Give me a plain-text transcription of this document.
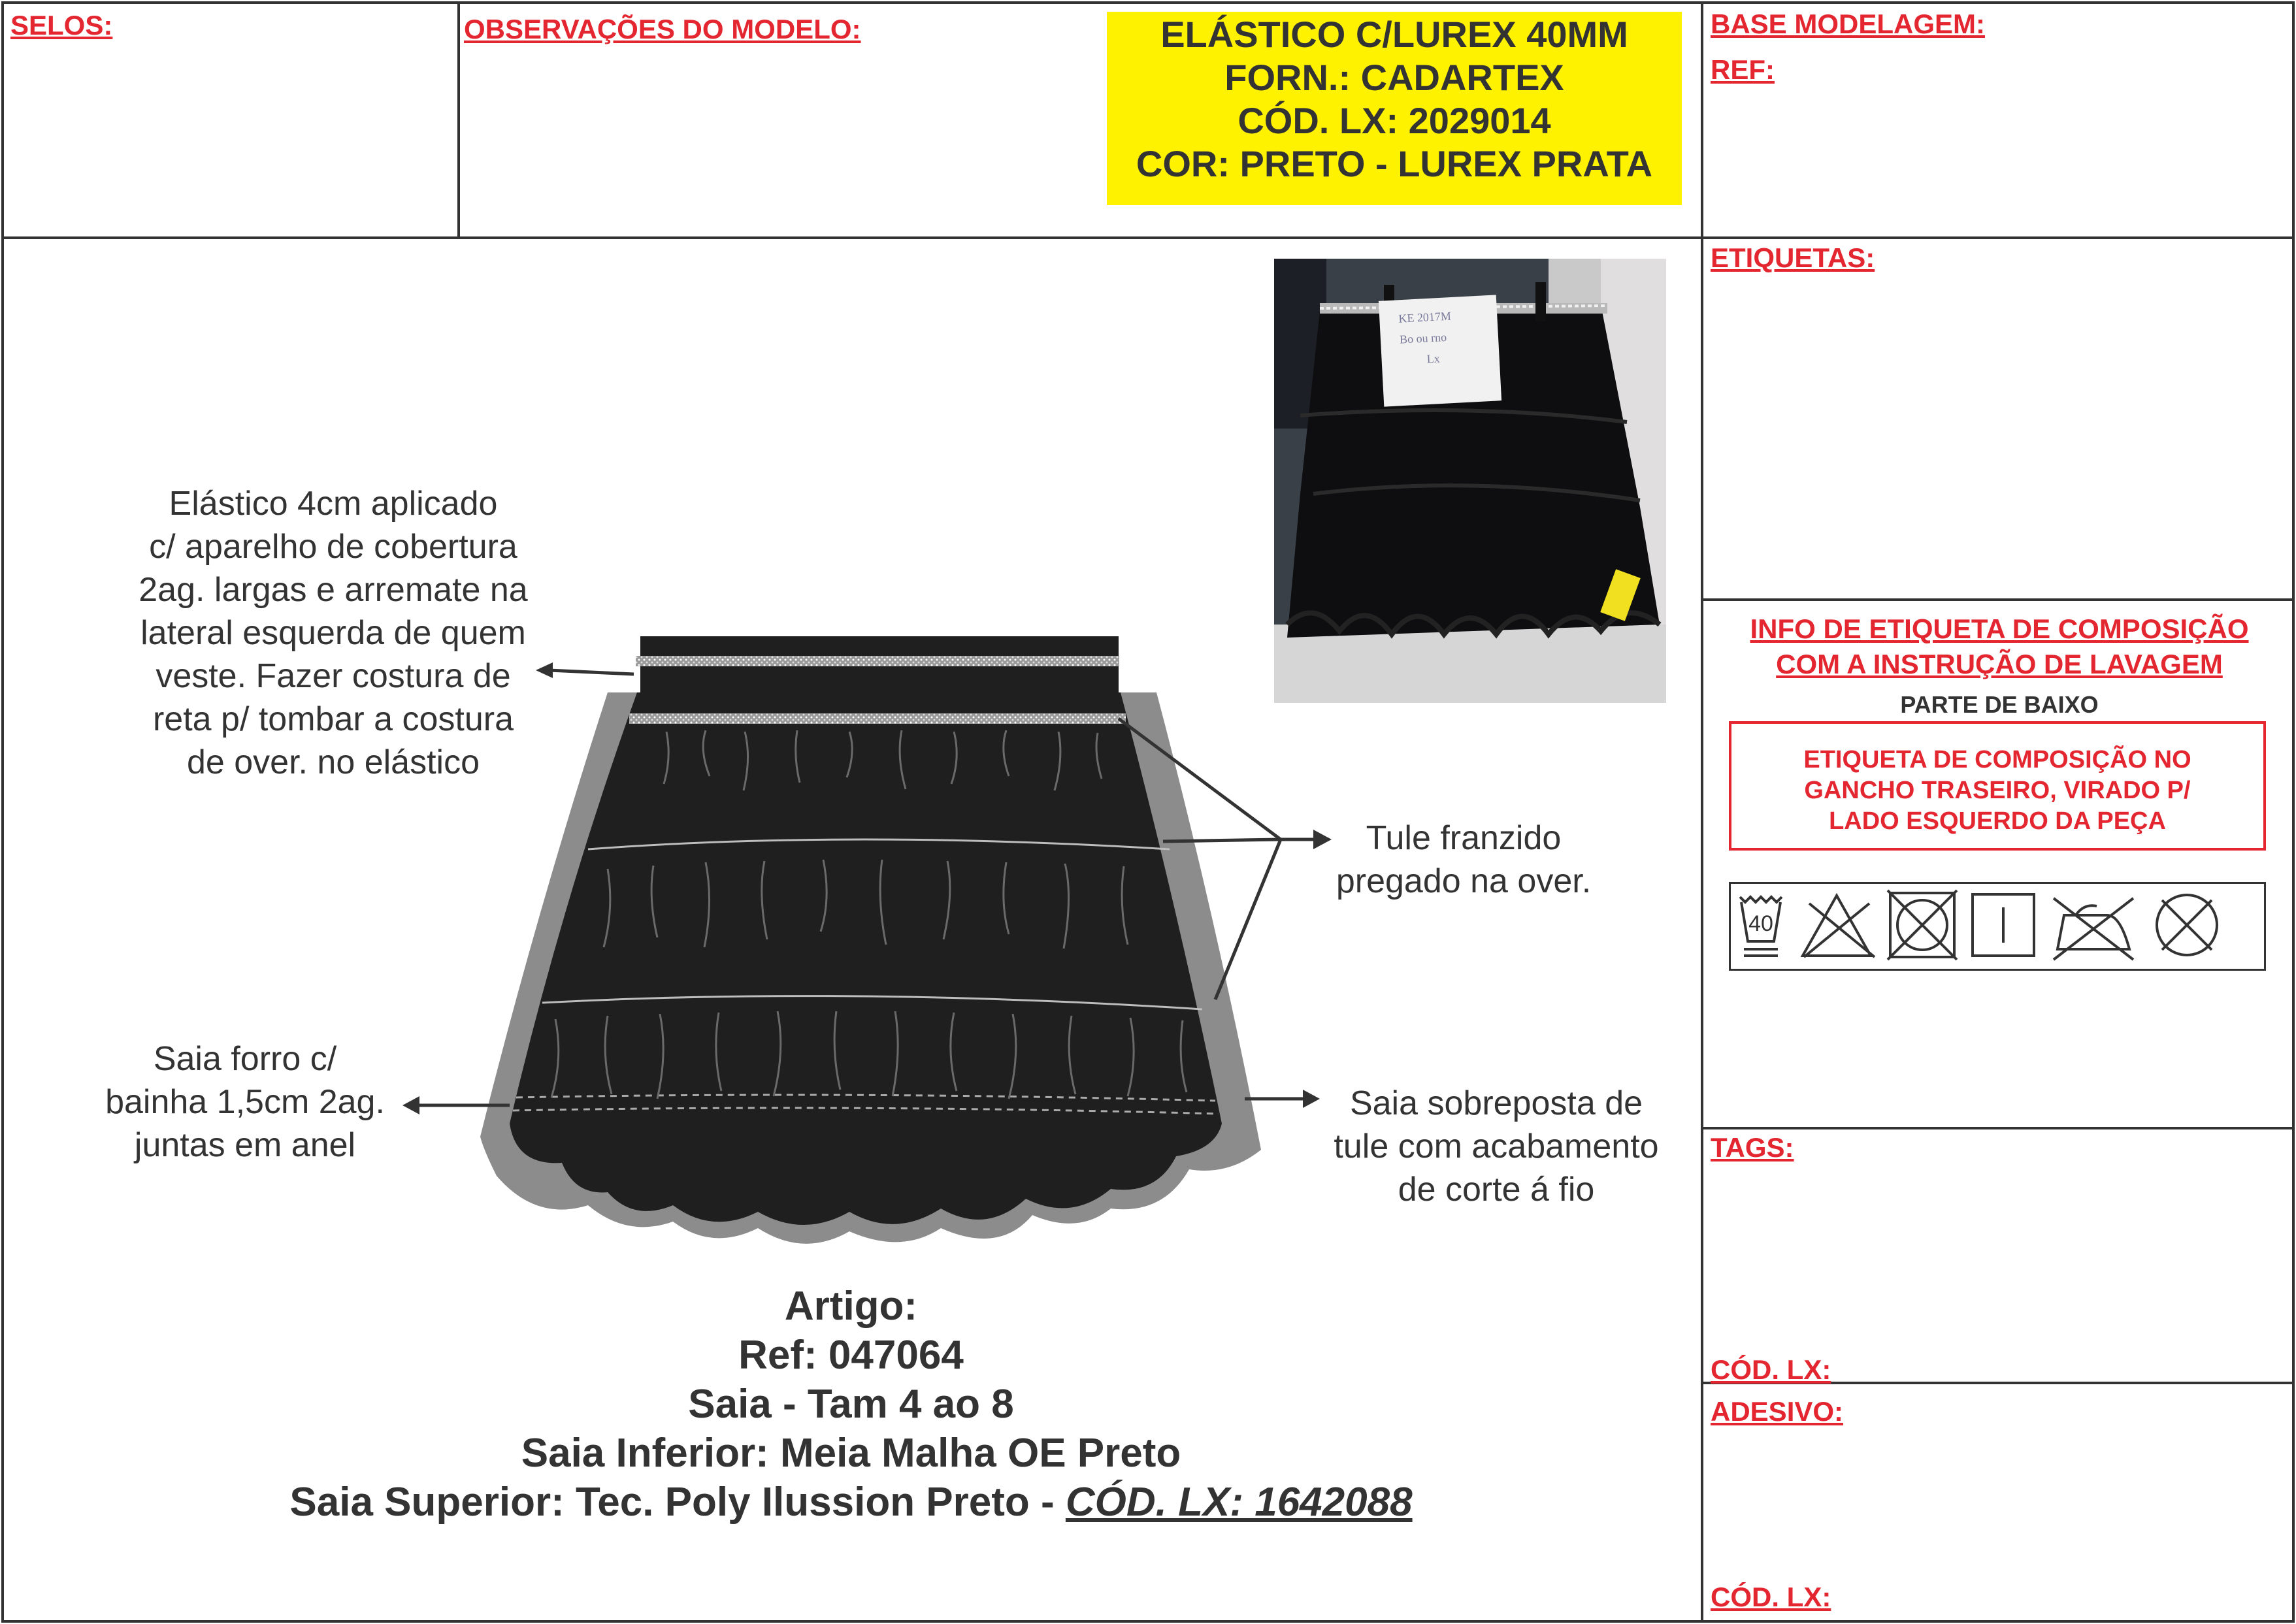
SELOS:	OBSERVAÇÕES DO MODELO:	ELÁSTICO C/LUREX 40MM
FORN.: CADARTEX
CÓD. LX: 2029014
COR: PRETO - LUREX PRATA
BASE MODELAGEM:
REF:
ETIQUETAS:
INFO DE ETIQUETA DE COMPOSIÇÃO
COM A INSTRUÇÃO DE LAVAGEM
PARTE DE BAIXO
ETIQUETA DE COMPOSIÇÃO NO
GANCHO TRASEIRO, VIRADO P/
LADO ESQUERDO DA PEÇA
40
TAGS:
CÓD. LX:
ADESIVO:
CÓD. LX:
KE 2017M
Bo ou rno
Lx
Elástico 4cm aplicado
c/ aparelho de cobertura
2ag. largas e arremate na
lateral esquerda de quem
veste. Fazer costura de
reta p/ tombar a costura
de over. no elástico
Tule franzido
pregado na over.
Saia forro c/
bainha 1,5cm 2ag.
juntas em anel
Saia sobreposta de
tule com acabamento
de corte á fio
Artigo:
Ref: 047064
Saia - Tam 4 ao 8
Saia Inferior: Meia Malha OE Preto
Saia Superior: Tec. Poly Ilussion Preto - CÓD. LX: 1642088
